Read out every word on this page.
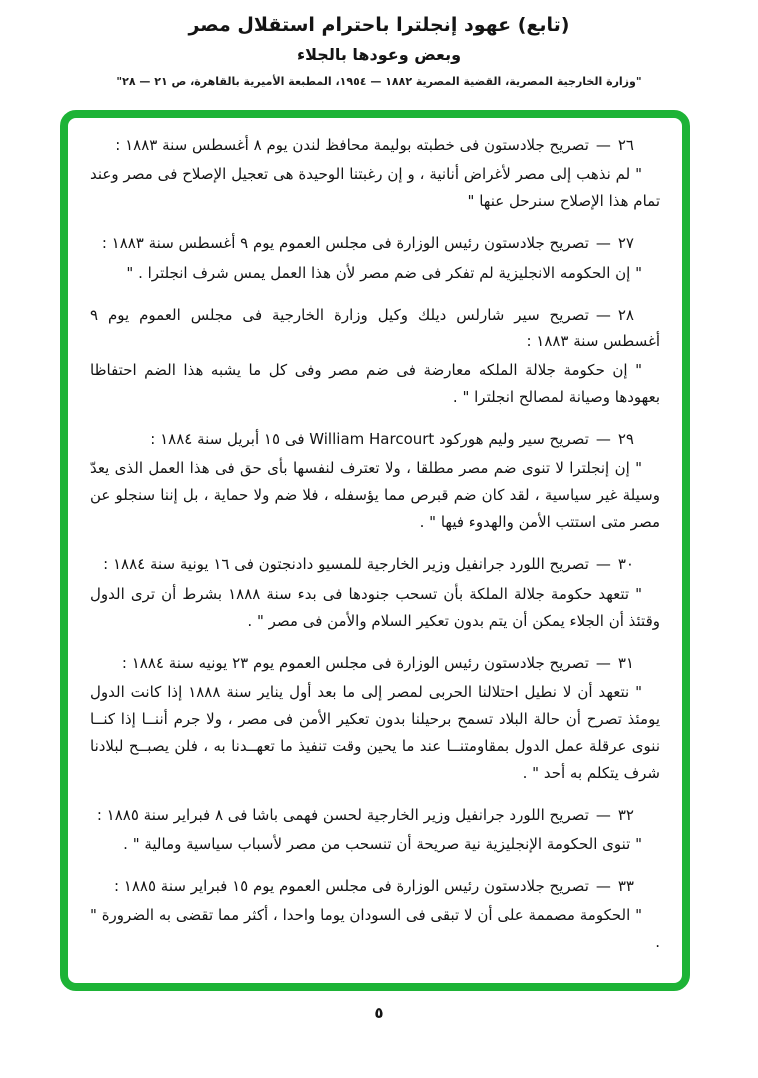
(تابع) عهود إنجلترا باحترام استقلال مصر
وبعض وعودها بالجلاء
"وزارة الخارجية المصرية، القضية المصرية ١٨٨٢ — ١٩٥٤، المطبعة الأميرية بالقاهرة، ص ٢١ — ٢٨"

٢٦—تصريح جلادستون فى خطبته بوليمة محافظ لندن يوم ٨ أغسطس سنة ١٨٨٣ :

" لم نذهب إلى مصر لأغراض أنانية ، و إن رغبتنا الوحيدة هى تعجيل الإصلاح فى مصر وعند تمام هذا الإصلاح سنرحل عنها "

٢٧—تصريح جلادستون رئيس الوزارة فى مجلس العموم يوم ٩ أغسطس سنة ١٨٨٣ :

" إن الحكومه الانجليزية لم تفكر فى ضم مصر لأن هذا العمل يمس شرف انجلترا . "

٢٨—تصريح سير شارلس ديلك وكيل وزارة الخارجية فى مجلس العموم يوم ٩ أغسطس سنة ١٨٨٣ :

" إن حكومة جلالة الملكه معارضة فى ضم مصر وفى كل ما يشبه هذا الضم احتفاظا بعهودها وصيانة لمصالح انجلترا " .

٢٩—تصريح سير وليم هوركود William Harcourt فى ١٥ أبريل سنة ١٨٨٤ :

" إن إنجلترا لا تنوى ضم مصر مطلقا ، ولا تعترف لنفسها بأى حق فى هذا العمل الذى يعدّ وسيلة غير سياسية ، لقد كان ضم قبرص مما يؤسفله ، فلا ضم ولا حماية ، بل إننا سنجلو عن مصر متى استتب الأمن والهدوء فيها " .

٣٠—تصريح اللورد جرانفيل وزير الخارجية للمسيو دادنجتون فى ١٦ يونية سنة ١٨٨٤ :

" تتعهد حكومة جلالة الملكة بأن تسحب جنودها فى بدء سنة ١٨٨٨ بشرط أن ترى الدول وقتئذ أن الجلاء يمكن أن يتم بدون تعكير السلام والأمن فى مصر " .

٣١—تصريح جلادستون رئيس الوزارة فى مجلس العموم يوم ٢٣ يونيه سنة ١٨٨٤ :

" نتعهد أن لا نطيل احتلالنا الحربى لمصر إلى ما بعد أول يناير سنة ١٨٨٨ إذا كانت الدول يومئذ تصرح أن حالة البلاد تسمح برحيلنا بدون تعكير الأمن فى مصر ، ولا جرم أننــا إذا كنــا ننوى عرقلة عمل الدول بمقاومتنــا عند ما يحين وقت تنفيذ ما تعهــدنا به ، فلن يصبــح لبلادنا شرف يتكلم به أحد " .

٣٢—تصريح اللورد جرانفيل وزير الخارجية لحسن فهمى باشا فى ٨ فبراير سنة ١٨٨٥ :

" تنوى الحكومة الإنجليزية نية صريحة أن تنسحب من مصر لأسباب سياسية ومالية " .

٣٣—تصريح جلادستون رئيس الوزارة فى مجلس العموم يوم ١٥ فبراير سنة ١٨٨٥ :

" الحكومة مصممة على أن لا تبقى فى السودان يوما واحدا ، أكثر مما تقضى به الضرورة " .

٥
